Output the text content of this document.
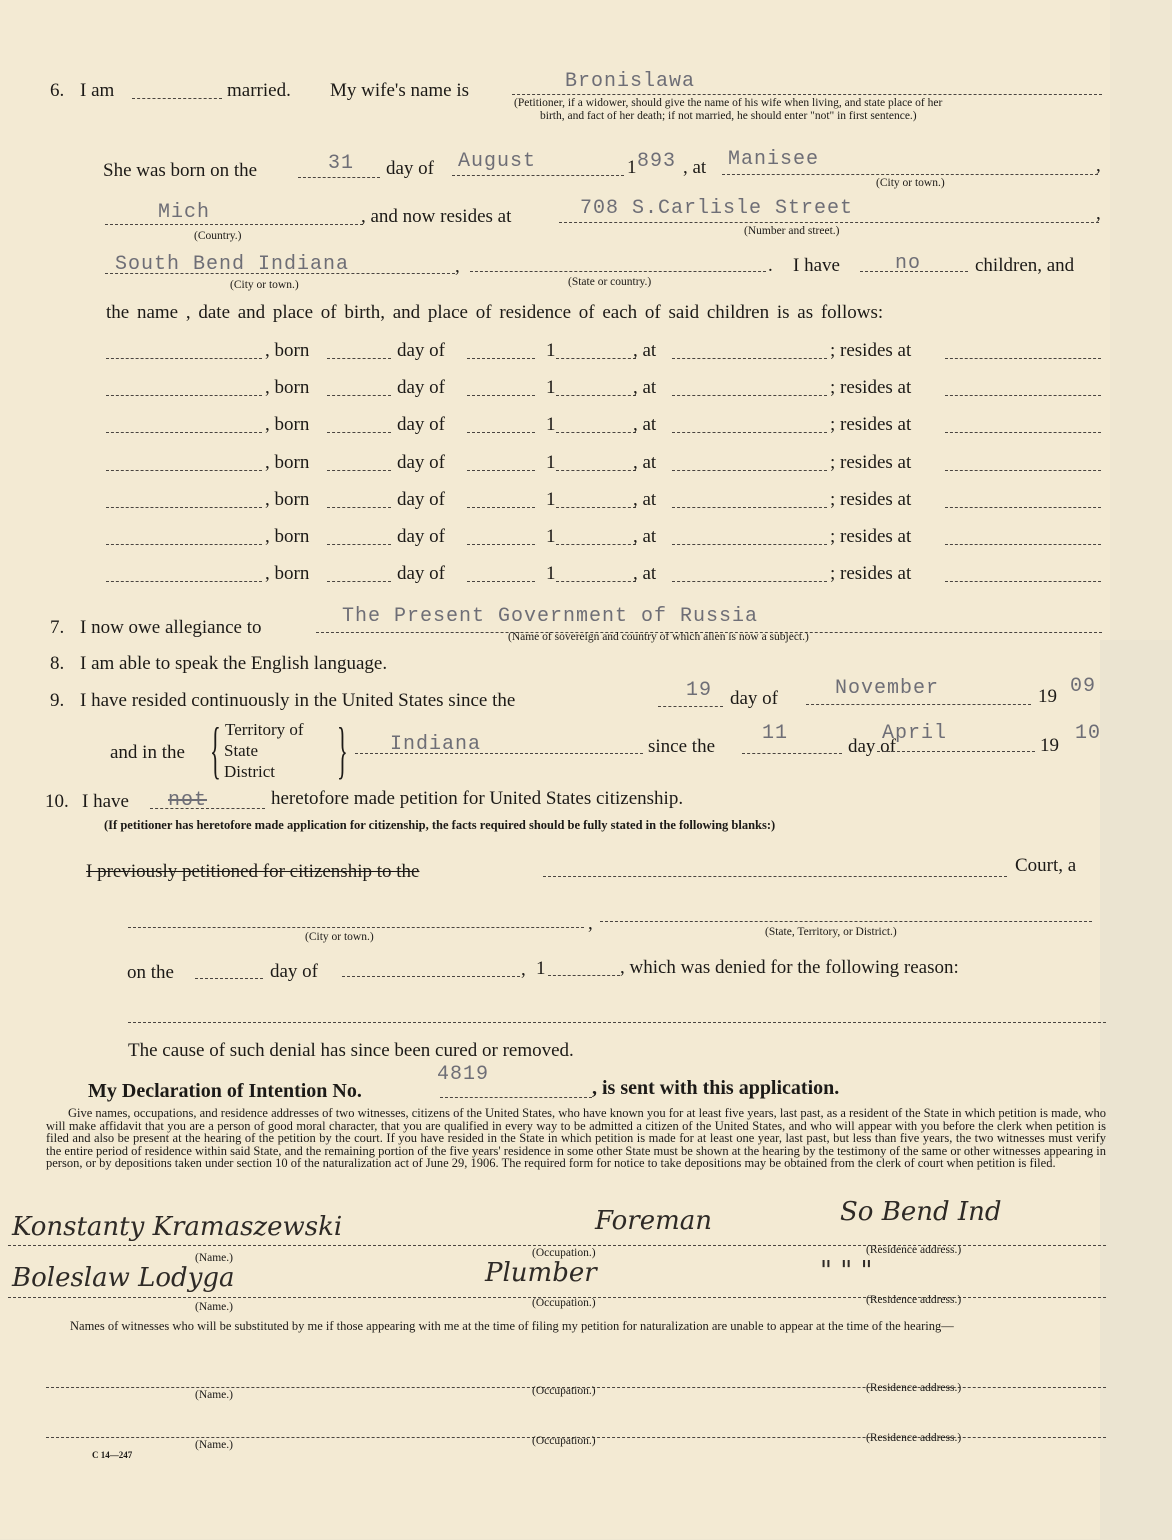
6. I am	married. My wife's name is	Bronislawa
(Petitioner, if a widower, should give the name of his wife when living, and state place of her
birth, and fact of her death; if not married, he should enter "not" in first sentence.)
She was born on the	31 day of August	1 893 , at Manisee	,
(City or town.)
Mich
(Country.)
, and now resides at	708 S.Carlisle Street	,
(Number and street.)
South Bend Indiana
(City or town.)
,
(State or country.)
. I have	no	children, and
the name , date and place of birth, and place of residence of each of said children is as follows:
, born	day of	1	, at	; resides at
, born	day of	1	, at	; resides at
, born	day of	1	, at	; resides at
, born	day of	1	, at	; resides at
, born	day of	1	, at	; resides at
, born	day of	1	, at	; resides at
, born	day of	1	, at	; resides at
7. I now owe allegiance to	The Present Government of Russia
(Name of sovereign and country of which alien is now a subject.)
8. I am able to speak the English language.
9. I have resided continuously in the United States since the	19 day of	November	19 09
and in the { Territory of
State
District } Indiana	since the
11
day of
April
19
10
10. I have not	heretofore made petition for United States citizenship.
(If petitioner has heretofore made application for citizenship, the facts required should be fully stated in the following blanks:)
I previously petitioned for citizenship to the	Court, a
,
(City or town.)	(State, Territory, or District.)
on the	day of	, 1	, which was denied for the following reason:
The cause of such denial has since been cured or removed.
My Declaration of Intention No.
4819
, is sent with this application.
Give names, occupations, and residence addresses of two witnesses, citizens of the United States, who have known you for at least five years, last past, as a resident of the State in which petition is made, who will make affidavit that you are a person of good moral character, that you are qualified in every way to be admitted a citizen of the United States, and who will appear with you before the clerk when petition is filed and also be present at the hearing of the petition by the court. If you have resided in the State in which petition is made for at least one year, last past, but less than five years, the two witnesses must verify the entire period of residence within said State, and the remaining portion of the five years' residence in some other State must be shown at the hearing by the testimony of the same or other witnesses appearing in person, or by depositions taken under section 10 of the naturalization act of June 29, 1906. The required form for notice to take depositions may be obtained from the clerk of court when petition is filed.
Konstanty Kramaszewski	Foreman	So Bend Ind
(Name.)	(Occupation.)	(Residence address.)
Boleslaw Lodyga	Plumber	" " "
(Name.)	(Occupation.)	(Residence address.)
Names of witnesses who will be substituted by me if those appearing with me at the time of filing my petition for naturalization are unable to appear at the time of the hearing—
(Name.)	(Occupation.)	(Residence address.)
(Name.)	(Occupation.)	(Residence address.)
C 14—247
